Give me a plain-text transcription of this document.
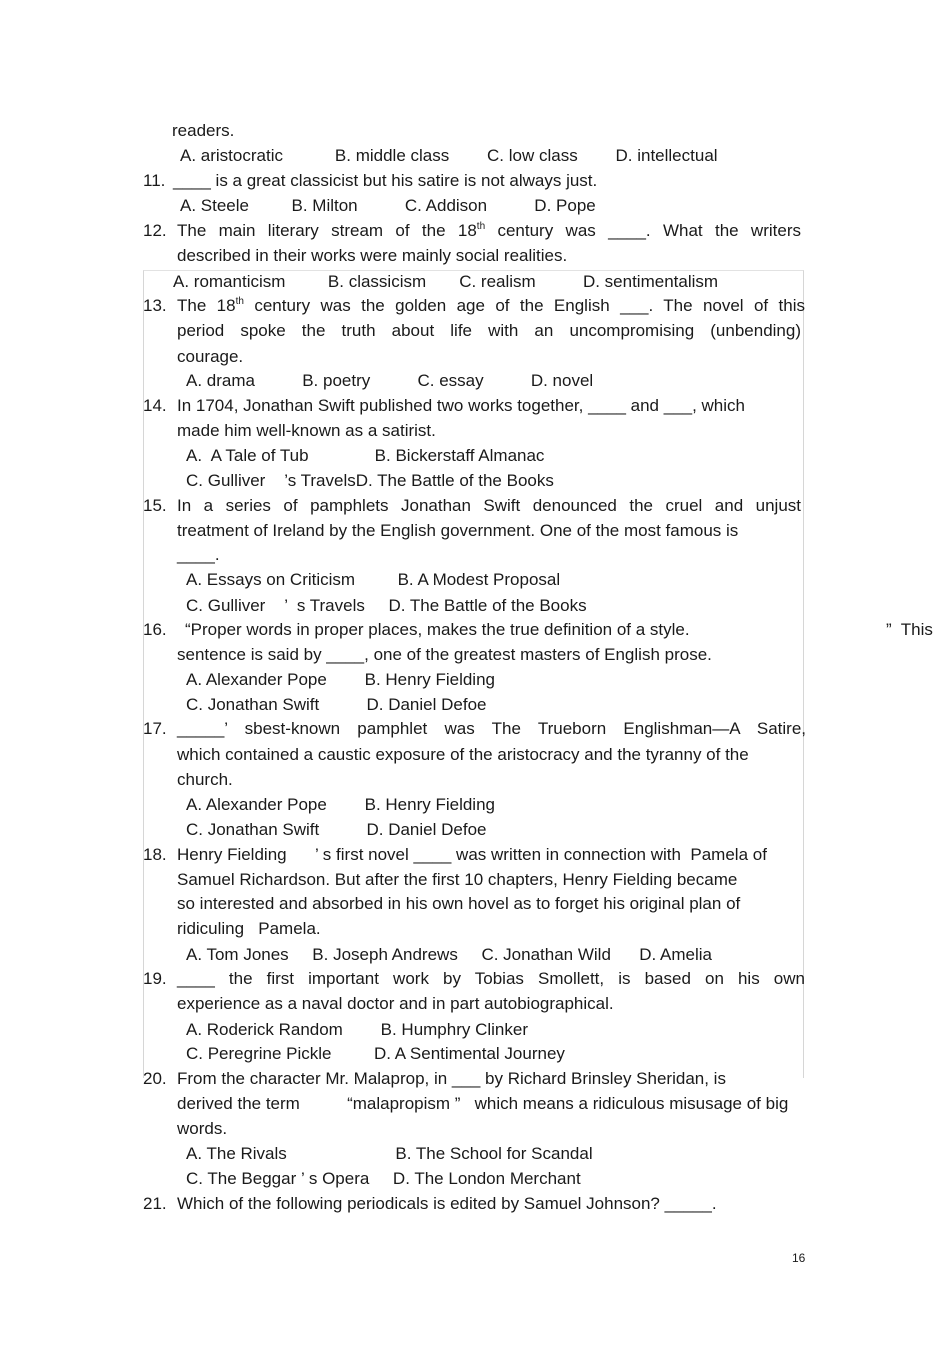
readers.
A. aristocratic           B. middle class        C. low class        D. intellectual
11. ____ is a great classicist but his satire is not always just.
A. Steele         B. Milton          C. Addison          D. Pope
12. The main literary stream of the 18th century was ____. What the writers
described in their works were mainly social realities.
A. romanticism         B. classicism       C. realism          D. sentimentalism
13. The 18th century was the golden age of the English ___. The novel of this
period spoke the truth about life with an uncompromising (unbending)
courage.
A. drama          B. poetry          C. essay          D. novel
14. In 1704, Jonathan Swift published two works together, ____ and ___, which
made him well-known as a satirist.
A.  A Tale of Tub              B. Bickerstaff Almanac
C. Gulliver    ’s TravelsD. The Battle of the Books
15. In a series of pamphlets Jonathan Swift denounced the cruel and unjust
treatment of Ireland by the English government. One of the most famous is
____.
A. Essays on Criticism         B. A Modest Proposal
C. Gulliver    ’  s Travels     D. The Battle of the Books
16. “Proper words in proper places, makes the true definition of a style.	”  This
sentence is said by ____, one of the greatest masters of English prose.
A. Alexander Pope        B. Henry Fielding
C. Jonathan Swift          D. Daniel Defoe
17. _____’ sbest-known pamphlet was The Trueborn Englishman—A Satire,
which contained a caustic exposure of the aristocracy and the tyranny of the
church.
A. Alexander Pope        B. Henry Fielding
C. Jonathan Swift          D. Daniel Defoe
18. Henry Fielding      ’ s first novel ____ was written in connection with  Pamela of
Samuel Richardson. But after the first 10 chapters, Henry Fielding became
so interested and absorbed in his own hovel as to forget his original plan of
ridiculing   Pamela.
A. Tom Jones     B. Joseph Andrews     C. Jonathan Wild      D. Amelia
19. ____ the first important work by Tobias Smollett, is based on his own
experience as a naval doctor and in part autobiographical.
A. Roderick Random        B. Humphry Clinker
C. Peregrine Pickle         D. A Sentimental Journey
20. From the character Mr. Malaprop, in ___ by Richard Brinsley Sheridan, is
derived the term          “malapropism ”   which means a ridiculous misusage of big
words.
A. The Rivals                       B. The School for Scandal
C. The Beggar ’ s Opera     D. The London Merchant
21. Which of the following periodicals is edited by Samuel Johnson? _____.
16
